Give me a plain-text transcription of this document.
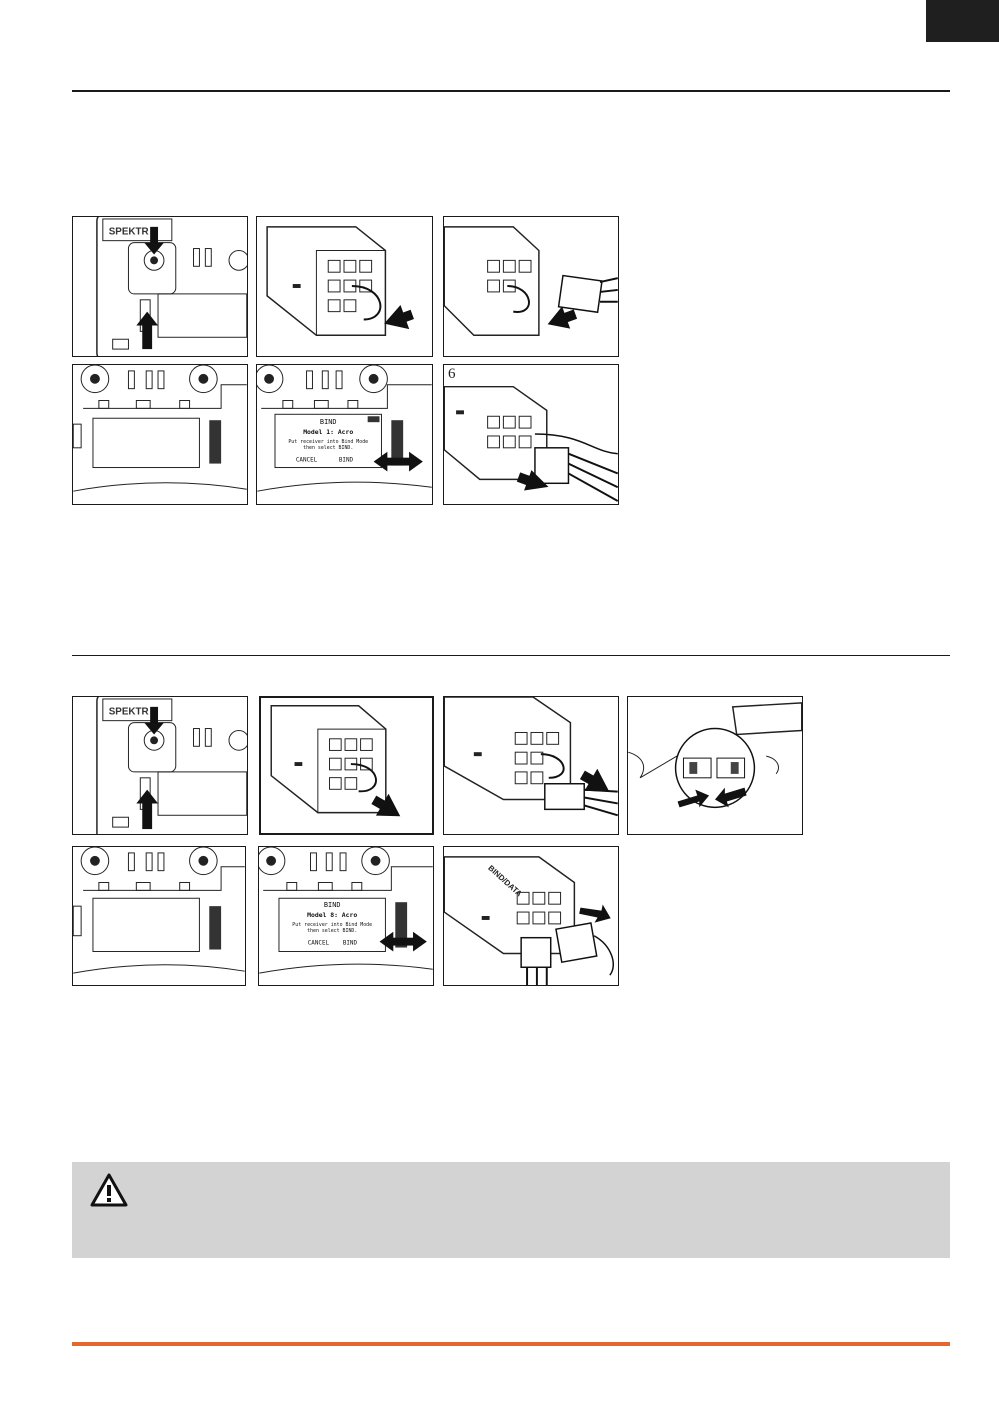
SPEKTR
BIND
Model 1: Acro
Put receiver into Bind Mode
then select BIND.
CANCEL	BIND
6
SPEKTR
BIND
Model 8: Acro
Put receiver into Bind Mode
then select BIND.
CANCEL BIND
BIND/DATA
